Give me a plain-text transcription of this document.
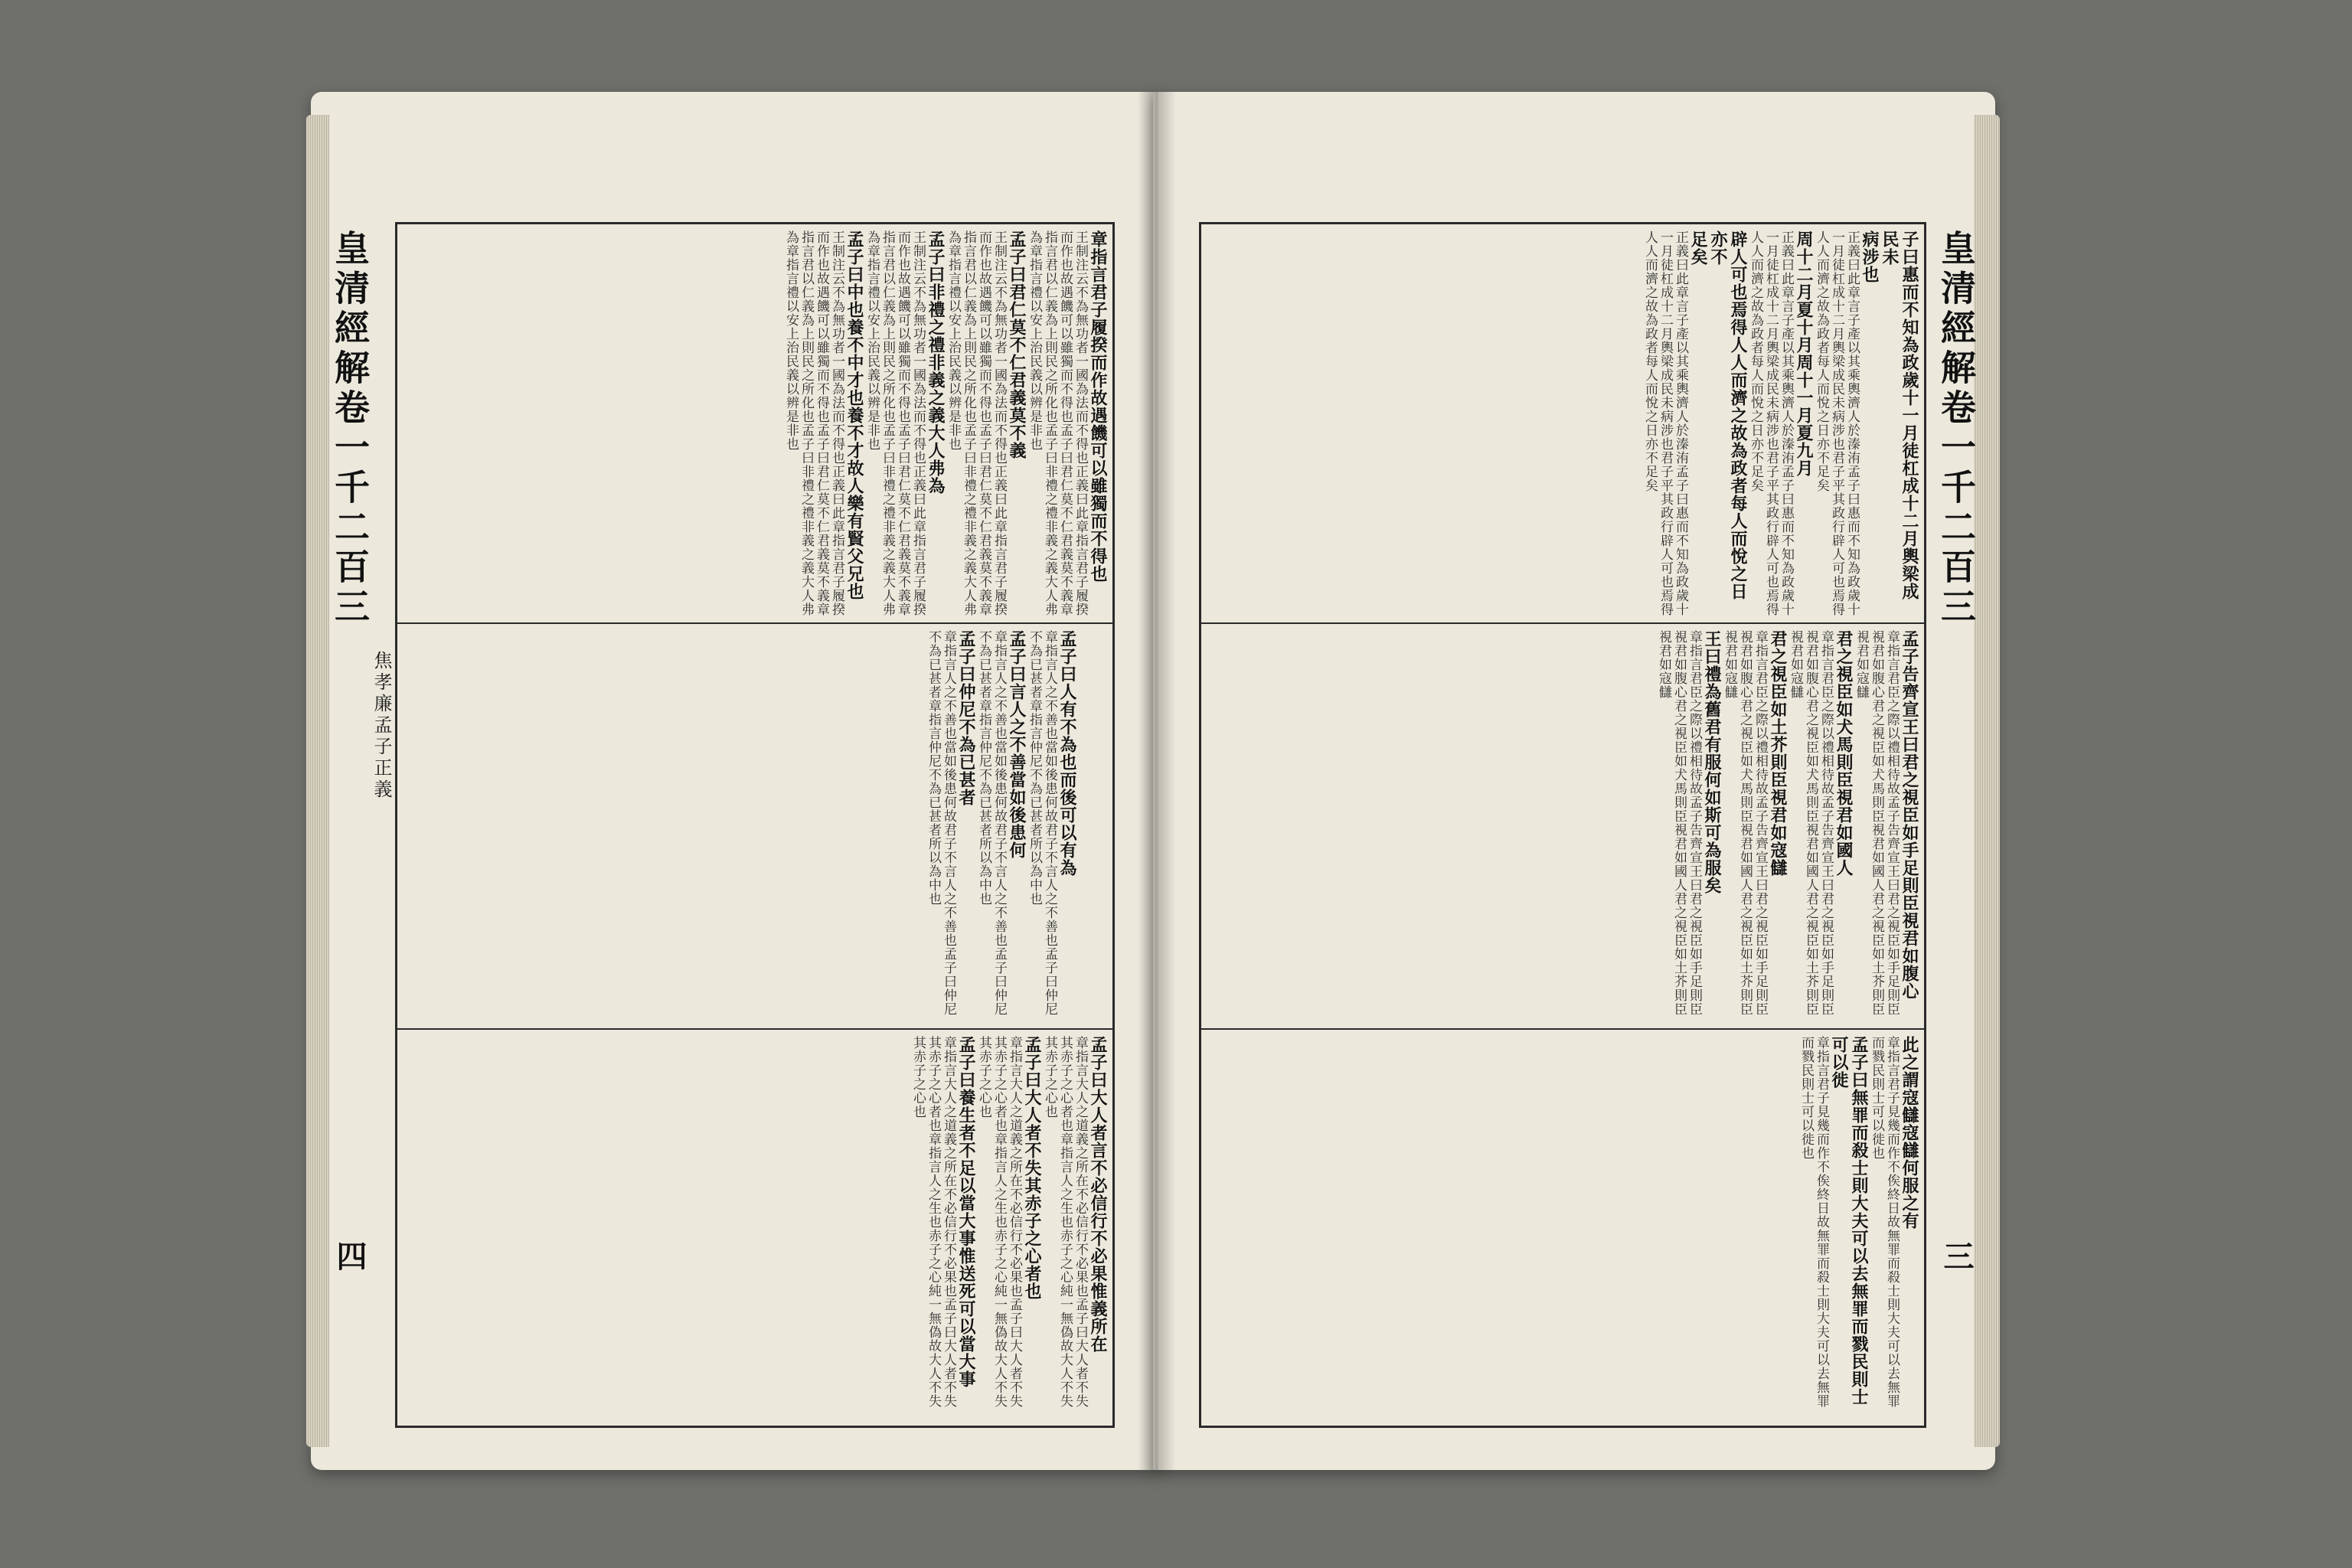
皇清經解卷一千二百三
四

章指言君子履揆而作故遇饑可以雖獨而不得也

王制注云不為無功者一國為法而不得也正義曰此章指言君子履揆而作也故遇饑可以雖獨而不得也孟子曰君仁莫不仁君義莫不義章指言君以仁義為上則民之所化也孟子曰非禮之禮非義之義大人弗為章指言禮以安上治民義以辨是非也

孟子曰君仁莫不仁君義莫不義

王制注云不為無功者一國為法而不得也正義曰此章指言君子履揆而作也故遇饑可以雖獨而不得也孟子曰君仁莫不仁君義莫不義章指言君以仁義為上則民之所化也孟子曰非禮之禮非義之義大人弗為章指言禮以安上治民義以辨是非也

孟子曰非禮之禮非義之義大人弗為

王制注云不為無功者一國為法而不得也正義曰此章指言君子履揆而作也故遇饑可以雖獨而不得也孟子曰君仁莫不仁君義莫不義章指言君以仁義為上則民之所化也孟子曰非禮之禮非義之義大人弗為章指言禮以安上治民義以辨是非也

孟子曰中也養不中才也養不才故人樂有賢父兄也

王制注云不為無功者一國為法而不得也正義曰此章指言君子履揆而作也故遇饑可以雖獨而不得也孟子曰君仁莫不仁君義莫不義章指言君以仁義為上則民之所化也孟子曰非禮之禮非義之義大人弗為章指言禮以安上治民義以辨是非也

孟子曰人有不為也而後可以有為

章指言人之不善也當如後患何故君子不言人之不善也孟子曰仲尼不為已甚者章指言仲尼不為已甚者所以為中也

孟子曰言人之不善當如後患何

章指言人之不善也當如後患何故君子不言人之不善也孟子曰仲尼不為已甚者章指言仲尼不為已甚者所以為中也

孟子曰仲尼不為已甚者

章指言人之不善也當如後患何故君子不言人之不善也孟子曰仲尼不為已甚者章指言仲尼不為已甚者所以為中也

孟子曰大人者言不必信行不必果惟義所在

章指言大人之道義之所在不必信行不必果也孟子曰大人者不失其赤子之心者也章指言人之生也赤子之心純一無偽故大人不失其赤子之心也

孟子曰大人者不失其赤子之心者也

章指言大人之道義之所在不必信行不必果也孟子曰大人者不失其赤子之心者也章指言人之生也赤子之心純一無偽故大人不失其赤子之心也

孟子曰養生者不足以當大事惟送死可以當大事

章指言大人之道義之所在不必信行不必果也孟子曰大人者不失其赤子之心者也章指言人之生也赤子之心純一無偽故大人不失其赤子之心也

焦孝廉孟子正義
皇清經解卷一千二百三
三

子曰惠而不知為政歲十一月徒杠成十二月輿梁成民未

病涉也

正義曰此章言子產以其乘輿濟人於溱洧孟子曰惠而不知為政歲十一月徒杠成十二月輿梁成民未病涉也君子平其政行辟人可也焉得人人而濟之故為政者每人而悅之日亦不足矣

周十二月夏十月周十一月夏九月

正義曰此章言子產以其乘輿濟人於溱洧孟子曰惠而不知為政歲十一月徒杠成十二月輿梁成民未病涉也君子平其政行辟人可也焉得人人而濟之故為政者每人而悅之日亦不足矣

辟人可也焉得人人而濟之故為政者每人而悅之日亦不

足矣

正義曰此章言子產以其乘輿濟人於溱洧孟子曰惠而不知為政歲十一月徒杠成十二月輿梁成民未病涉也君子平其政行辟人可也焉得人人而濟之故為政者每人而悅之日亦不足矣

孟子告齊宣王曰君之視臣如手足則臣視君如腹心

章指言君臣之際以禮相待故孟子告齊宣王曰君之視臣如手足則臣視君如腹心君之視臣如犬馬則臣視君如國人君之視臣如土芥則臣視君如寇讎

君之視臣如犬馬則臣視君如國人

章指言君臣之際以禮相待故孟子告齊宣王曰君之視臣如手足則臣視君如腹心君之視臣如犬馬則臣視君如國人君之視臣如土芥則臣視君如寇讎

君之視臣如土芥則臣視君如寇讎

章指言君臣之際以禮相待故孟子告齊宣王曰君之視臣如手足則臣視君如腹心君之視臣如犬馬則臣視君如國人君之視臣如土芥則臣視君如寇讎

王曰禮為舊君有服何如斯可為服矣

章指言君臣之際以禮相待故孟子告齊宣王曰君之視臣如手足則臣視君如腹心君之視臣如犬馬則臣視君如國人君之視臣如土芥則臣視君如寇讎

此之謂寇讎寇讎何服之有

章指言君子見幾而作不俟終日故無罪而殺士則大夫可以去無罪而戮民則士可以徙也

孟子曰無罪而殺士則大夫可以去無罪而戮民則士可以徙

章指言君子見幾而作不俟終日故無罪而殺士則大夫可以去無罪而戮民則士可以徙也
